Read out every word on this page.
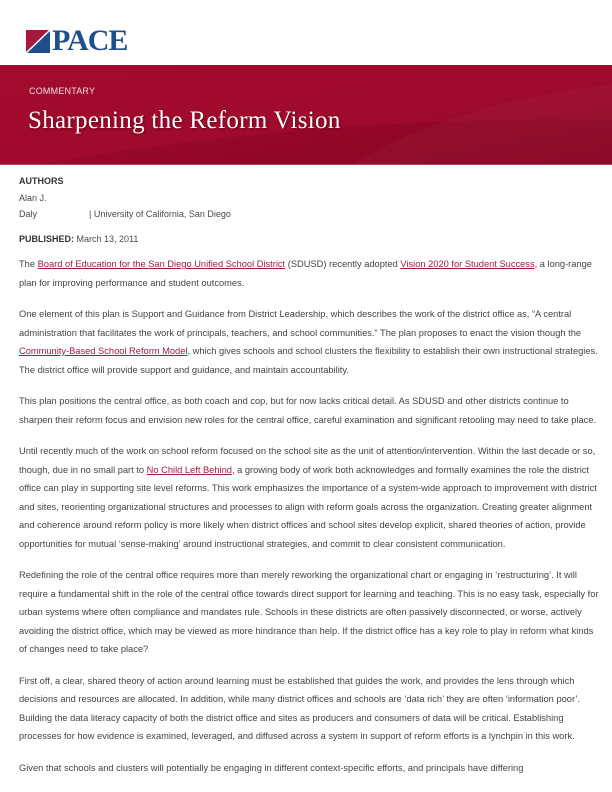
PACE
COMMENTARY
Sharpening the Reform Vision
AUTHORS
Alan J.
Daly	| University of California, San Diego
PUBLISHED: March 13, 2011

The Board of Education for the San Diego Unified School District (SDUSD) recently adopted Vision 2020 for Student Success, a long-range plan for improving performance and student outcomes.

One element of this plan is Support and Guidance from District Leadership, which describes the work of the district office as, “A central administration that facilitates the work of principals, teachers, and school communities.” The plan proposes to enact the vision though the Community-Based School Reform Model, which gives schools and school clusters the flexibility to establish their own instructional strategies. The district office will provide support and guidance, and maintain accountability.

This plan positions the central office, as both coach and cop, but for now lacks critical detail. As SDUSD and other districts continue to sharpen their reform focus and envision new roles for the central office, careful examination and significant retooling may need to take place.

Until recently much of the work on school reform focused on the school site as the unit of attention/intervention. Within the last decade or so, though, due in no small part to No Child Left Behind, a growing body of work both acknowledges and formally examines the role the district office can play in supporting site level reforms. This work emphasizes the importance of a system-wide approach to improvement with district and sites, reorienting organizational structures and processes to align with reform goals across the organization. Creating greater alignment and coherence around reform policy is more likely when district offices and school sites develop explicit, shared theories of action, provide opportunities for mutual ‘sense-making’ around instructional strategies, and commit to clear consistent communication.

Redefining the role of the central office requires more than merely reworking the organizational chart or engaging in ‘restructuring’. It will require a fundamental shift in the role of the central office towards direct support for learning and teaching. This is no easy task, especially for urban systems where often compliance and mandates rule. Schools in these districts are often passively disconnected, or worse, actively avoiding the district office, which may be viewed as more hindrance than help. If the district office has a key role to play in reform what kinds of changes need to take place?

First off, a clear, shared theory of action around learning must be established that guides the work, and provides the lens through which decisions and resources are allocated. In addition, while many district offices and schools are ‘data rich’ they are often ‘information poor’. Building the data literacy capacity of both the district office and sites as producers and consumers of data will be critical. Establishing processes for how evidence is examined, leveraged, and diffused across a system in support of reform efforts is a lynchpin in this work.

Given that schools and clusters will potentially be engaging in different context-specific efforts, and principals have differing
